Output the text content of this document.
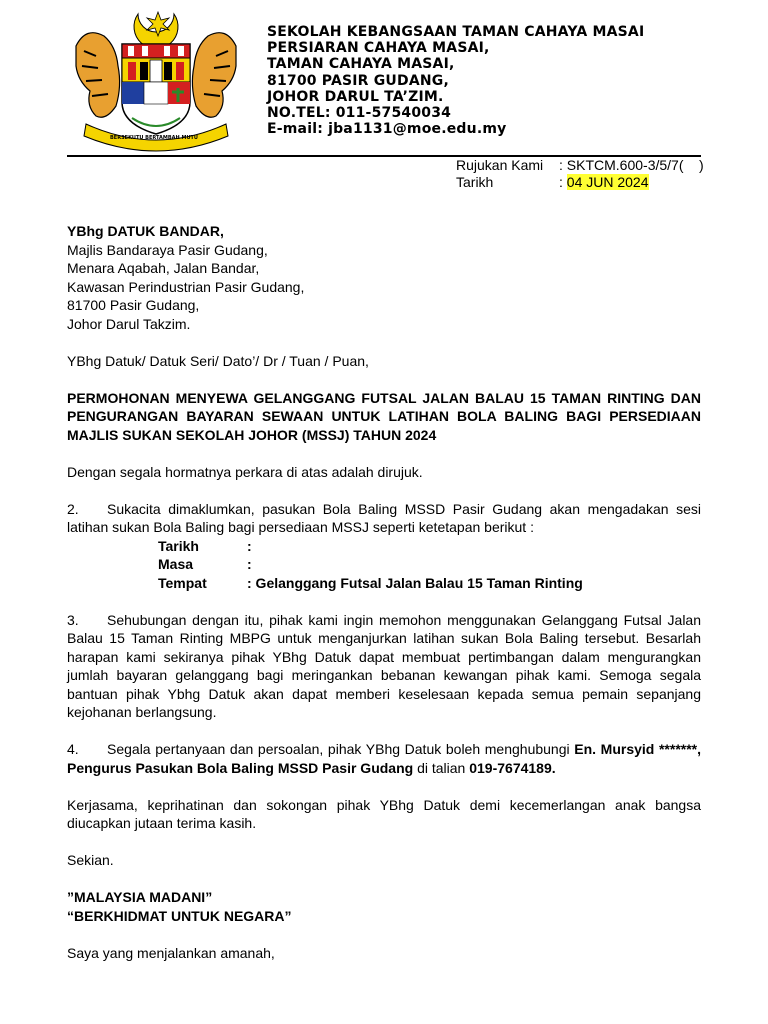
BERSEKUTU BERTAMBAH MUTU
SEKOLAH KEBANGSAAN TAMAN CAHAYA MASAI
PERSIARAN CAHAYA MASAI,
TAMAN CAHAYA MASAI,
81700 PASIR GUDANG,
JOHOR DARUL TA’ZIM.
NO.TEL: 011-57540034
E-mail: jba1131@moe.edu.my
Rujukan Kami : SKTCM.600-3/5/7(    )
Tarikh	: 04 JUN 2024

YBhg DATUK BANDAR,

Majlis Bandaraya Pasir Gudang,

Menara Aqabah, Jalan Bandar,

Kawasan Perindustrian Pasir Gudang,

81700 Pasir Gudang,

Johor Darul Takzim.

YBhg Datuk/ Datuk Seri/ Dato’/ Dr / Tuan / Puan,

PERMOHONAN MENYEWA GELANGGANG FUTSAL JALAN BALAU 15 TAMAN RINTING DAN PENGURANGAN BAYARAN SEWAAN UNTUK LATIHAN BOLA BALING BAGI PERSEDIAAN MAJLIS SUKAN SEKOLAH JOHOR (MSSJ) TAHUN 2024

Dengan segala hormatnya perkara di atas adalah dirujuk.

2. Sukacita dimaklumkan, pasukan Bola Baling MSSD Pasir Gudang akan mengadakan sesi latihan sukan Bola Baling bagi persediaan MSSJ seperti ketetapan berikut :

Tarikh	:
Masa	:
Tempat	: Gelanggang Futsal Jalan Balau 15 Taman Rinting

3. Sehubungan dengan itu, pihak kami ingin memohon menggunakan Gelanggang Futsal Jalan Balau 15 Taman Rinting MBPG untuk menganjurkan latihan sukan Bola Baling tersebut. Besarlah harapan kami sekiranya pihak YBhg Datuk dapat membuat pertimbangan dalam mengurangkan jumlah bayaran gelanggang bagi meringankan bebanan kewangan pihak kami. Semoga segala bantuan pihak Ybhg Datuk akan dapat memberi keselesaan kepada semua pemain sepanjang kejohanan berlangsung.

4. Segala pertanyaan dan persoalan, pihak YBhg Datuk boleh menghubungi En. Mursyid *******, Pengurus Pasukan Bola Baling MSSD Pasir Gudang di talian 019-7674189.

Kerjasama, keprihatinan dan sokongan pihak YBhg Datuk demi kecemerlangan anak bangsa diucapkan jutaan terima kasih.

Sekian.

”MALAYSIA MADANI”

“BERKHIDMAT UNTUK NEGARA”

Saya yang menjalankan amanah,
